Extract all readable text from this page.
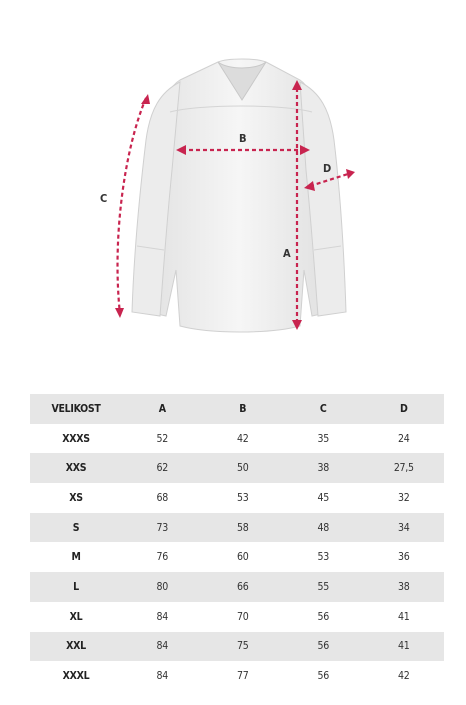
B
C
D
A
VELIKOST	A	B	C	D
XXXS	52	42	35	24
XXS	62	50	38	27,5
XS	68	53	45	32
S	73	58	48	34
M	76	60	53	36
L	80	66	55	38
XL	84	70	56	41
XXL	84	75	56	41
XXXL	84	77	56	42
